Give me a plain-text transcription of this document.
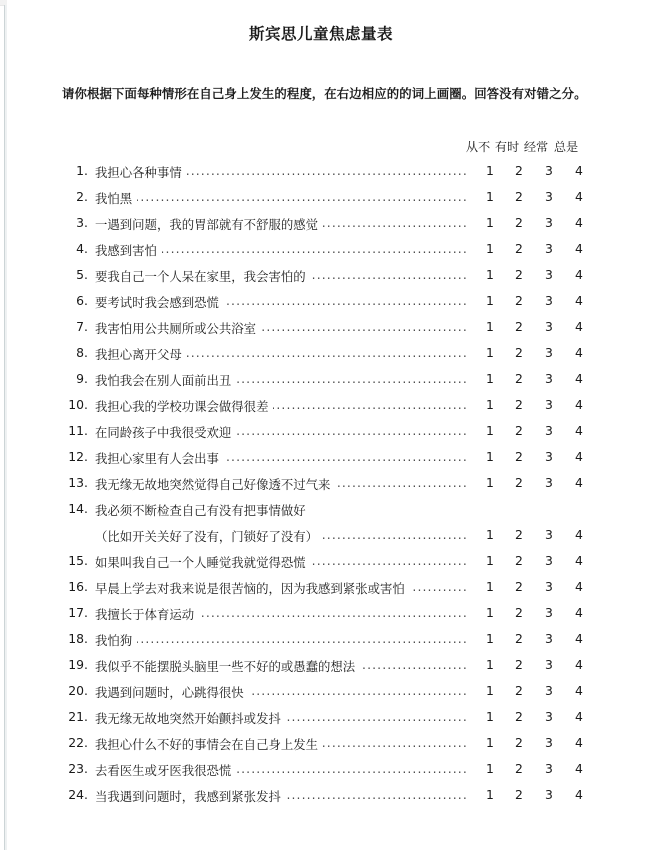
斯宾思儿童焦虑量表
请你根据下面每种情形在自己身上发生的程度，在右边相应的的词上画圈。回答没有对错之分。
从不 有时 经常 总是
1. ..... 我担心各种事情	1	2	3	4
2. ..... 我怕黑	1	2	3	4
3. ..... 一遇到问题，我的胃部就有不舒服的感觉	1	2	3	4
4. ..... 我感到害怕	1	2	3	4
5. ..... 要我自己一个人呆在家里，我会害怕的	1	2	3	4
6. ..... 要考试时我会感到恐慌	1	2	3	4
7. ..... 我害怕用公共厕所或公共浴室	1	2	3	4
8. ..... 我担心离开父母	1	2	3	4
9. ..... 我怕我会在别人面前出丑	1	2	3	4
10. ..... 我担心我的学校功课会做得很差	1	2	3	4
11. ..... 在同龄孩子中我很受欢迎	1	2	3	4
12. ..... 我担心家里有人会出事	1	2	3	4
13. ..... 我无缘无故地突然觉得自己好像透不过气来	1	2	3	4
14. 我必须不断检查自己有没有把事情做好
.....
（比如开关关好了没有，门锁好了没有）	1	2	3	4
15. ..... 如果叫我自己一个人睡觉我就觉得恐慌	1	2	3	4
16. ..... 早晨上学去对我来说是很苦恼的，因为我感到紧张或害怕	1	2	3	4
17. ..... 我擅长于体育运动	1	2	3	4
18. ..... 我怕狗	1	2	3	4
19. ..... 我似乎不能摆脱头脑里一些不好的或愚蠢的想法	1	2	3	4
20. ..... 我遇到问题时，心跳得很快	1	2	3	4
21. ..... 我无缘无故地突然开始颤抖或发抖	1	2	3	4
22. ..... 我担心什么不好的事情会在自己身上发生	1	2	3	4
23. ..... 去看医生或牙医我很恐慌	1	2	3	4
24. ..... 当我遇到问题时，我感到紧张发抖	1	2	3	4
